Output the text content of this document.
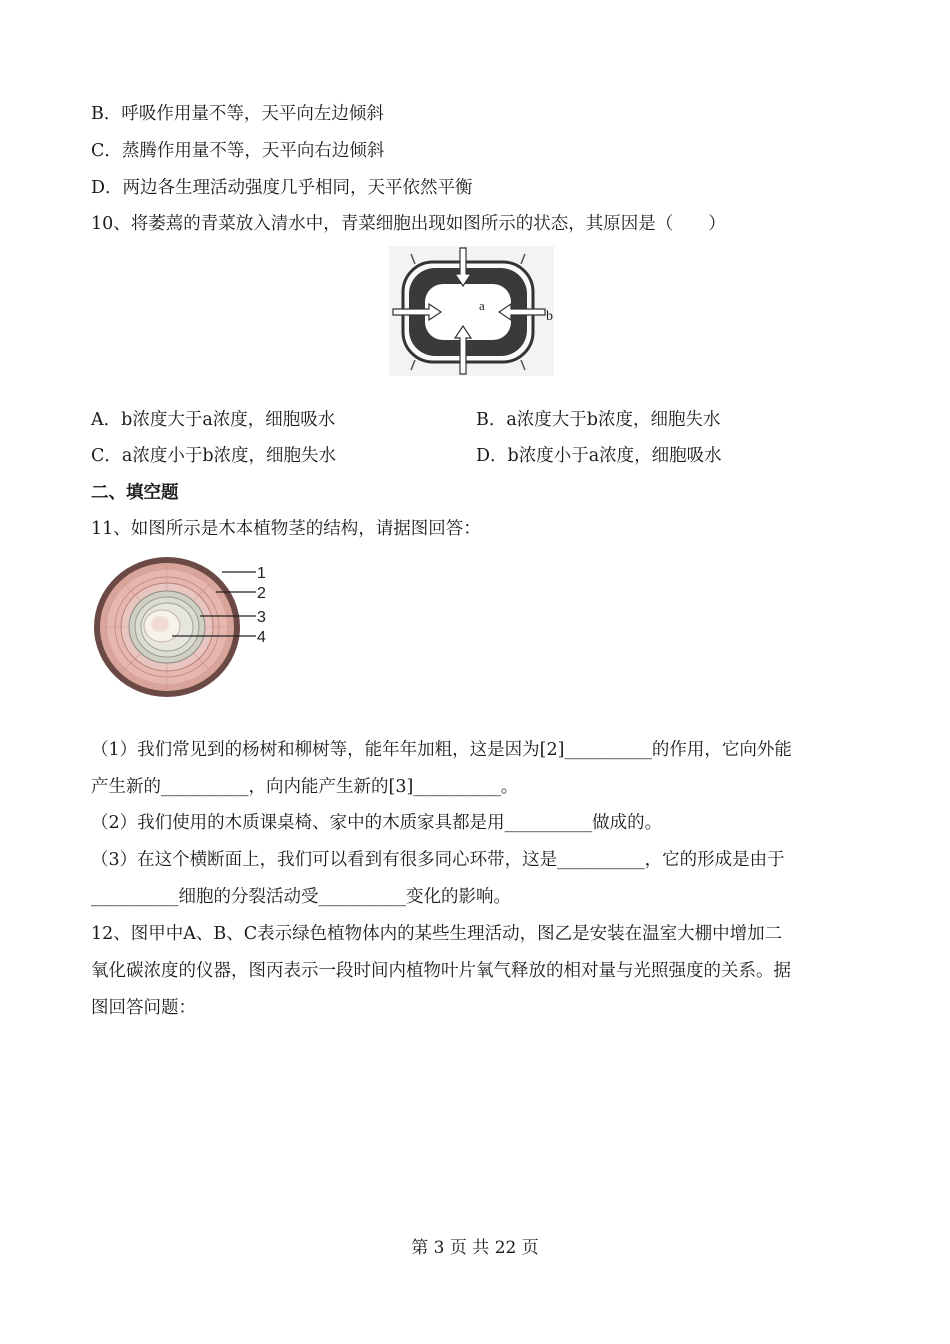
B．呼吸作用量不等，天平向左边倾斜
C．蒸腾作用量不等，天平向右边倾斜
D．两边各生理活动强度几乎相同，天平依然平衡
10、将萎蔫的青菜放入清水中，青菜细胞出现如图所示的状态，其原因是（　　）
a
b
A．b浓度大于a浓度，细胞吸水	B．a浓度大于b浓度，细胞失水
C．a浓度小于b浓度，细胞失水	D．b浓度小于a浓度，细胞吸水
二、填空题
11、如图所示是木本植物茎的结构，请据图回答：
1
2
3
4
（1）我们常见到的杨树和柳树等，能年年加粗，这是因为[2]__________的作用，它向外能
产生新的__________，向内能产生新的[3]__________。
（2）我们使用的木质课桌椅、家中的木质家具都是用__________做成的。
（3）在这个横断面上，我们可以看到有很多同心环带，这是__________，它的形成是由于
__________细胞的分裂活动受__________变化的影响。
12、图甲中A、B、C表示绿色植物体内的某些生理活动，图乙是安装在温室大棚中增加二
氧化碳浓度的仪器，图丙表示一段时间内植物叶片氧气释放的相对量与光照强度的关系。据
图回答问题：
第 3 页 共 22 页
